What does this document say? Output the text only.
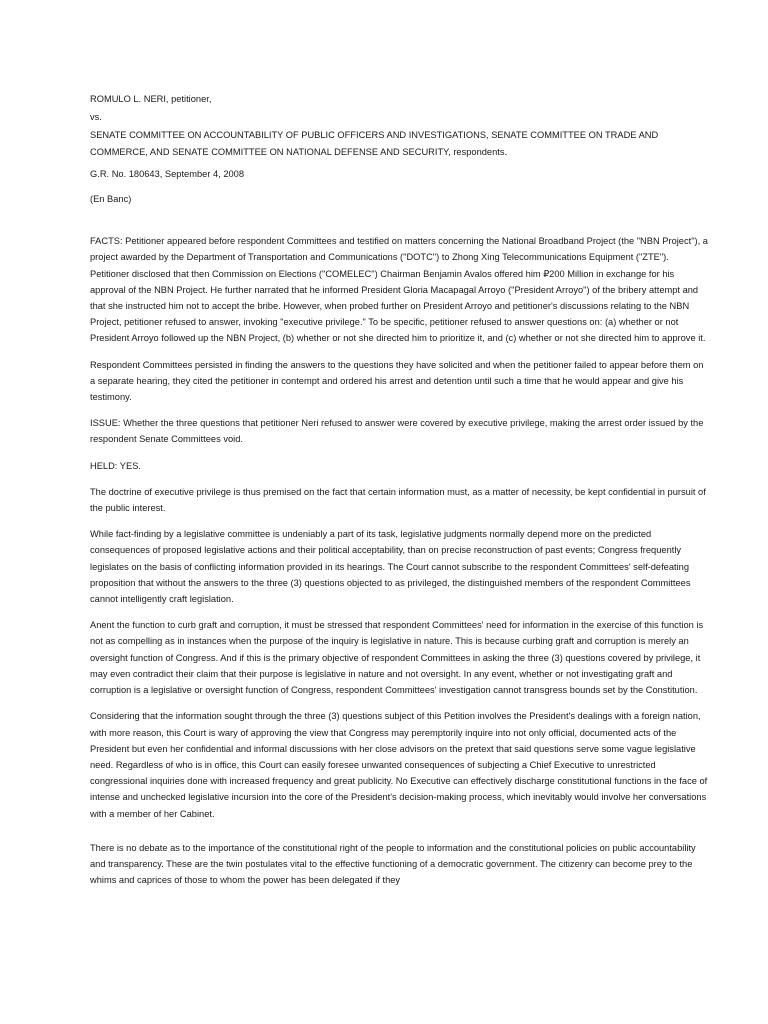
ROMULO L. NERI, petitioner,

vs.

SENATE COMMITTEE ON ACCOUNTABILITY OF PUBLIC OFFICERS AND INVESTIGATIONS, SENATE COMMITTEE ON TRADE AND COMMERCE, AND SENATE COMMITTEE ON NATIONAL DEFENSE AND SECURITY, respondents.

G.R. No. 180643, September 4, 2008

(En Banc)

FACTS: Petitioner appeared before respondent Committees and testified on matters concerning the National Broadband Project (the "NBN Project"), a project awarded by the Department of Transportation and Communications ("DOTC") to Zhong Xing Telecommunications Equipment ("ZTE"). Petitioner disclosed that then Commission on Elections ("COMELEC") Chairman Benjamin Avalos offered him ₽200 Million in exchange for his approval of the NBN Project. He further narrated that he informed President Gloria Macapagal Arroyo ("President Arroyo") of the bribery attempt and that she instructed him not to accept the bribe. However, when probed further on President Arroyo and petitioner's discussions relating to the NBN Project, petitioner refused to answer, invoking "executive privilege." To be specific, petitioner refused to answer questions on: (a) whether or not President Arroyo followed up the NBN Project, (b) whether or not she directed him to prioritize it, and (c) whether or not she directed him to approve it.

Respondent Committees persisted in finding the answers to the questions they have solicited and when the petitioner failed to appear before them on a separate hearing, they cited the petitioner in contempt and ordered his arrest and detention until such a time that he would appear and give his testimony.

ISSUE: Whether the three questions that petitioner Neri refused to answer were covered by executive privilege, making the arrest order issued by the respondent Senate Committees void.

HELD: YES.

The doctrine of executive privilege is thus premised on the fact that certain information must, as a matter of necessity, be kept confidential in pursuit of the public interest.

While fact-finding by a legislative committee is undeniably a part of its task, legislative judgments normally depend more on the predicted consequences of proposed legislative actions and their political acceptability, than on precise reconstruction of past events; Congress frequently legislates on the basis of conflicting information provided in its hearings. The Court cannot subscribe to the respondent Committees' self-defeating proposition that without the answers to the three (3) questions objected to as privileged, the distinguished members of the respondent Committees cannot intelligently craft legislation.

Anent the function to curb graft and corruption, it must be stressed that respondent Committees' need for information in the exercise of this function is not as compelling as in instances when the purpose of the inquiry is legislative in nature. This is because curbing graft and corruption is merely an oversight function of Congress. And if this is the primary objective of respondent Committees in asking the three (3) questions covered by privilege, it may even contradict their claim that their purpose is legislative in nature and not oversight. In any event, whether or not investigating graft and corruption is a legislative or oversight function of Congress, respondent Committees' investigation cannot transgress bounds set by the Constitution.

Considering that the information sought through the three (3) questions subject of this Petition involves the President's dealings with a foreign nation, with more reason, this Court is wary of approving the view that Congress may peremptorily inquire into not only official, documented acts of the President but even her confidential and informal discussions with her close advisors on the pretext that said questions serve some vague legislative need. Regardless of who is in office, this Court can easily foresee unwanted consequences of subjecting a Chief Executive to unrestricted congressional inquiries done with increased frequency and great publicity. No Executive can effectively discharge constitutional functions in the face of intense and unchecked legislative incursion into the core of the President's decision-making process, which inevitably would involve her conversations with a member of her Cabinet.

There is no debate as to the importance of the constitutional right of the people to information and the constitutional policies on public accountability and transparency. These are the twin postulates vital to the effective functioning of a democratic government. The citizenry can become prey to the whims and caprices of those to whom the power has been delegated if they
